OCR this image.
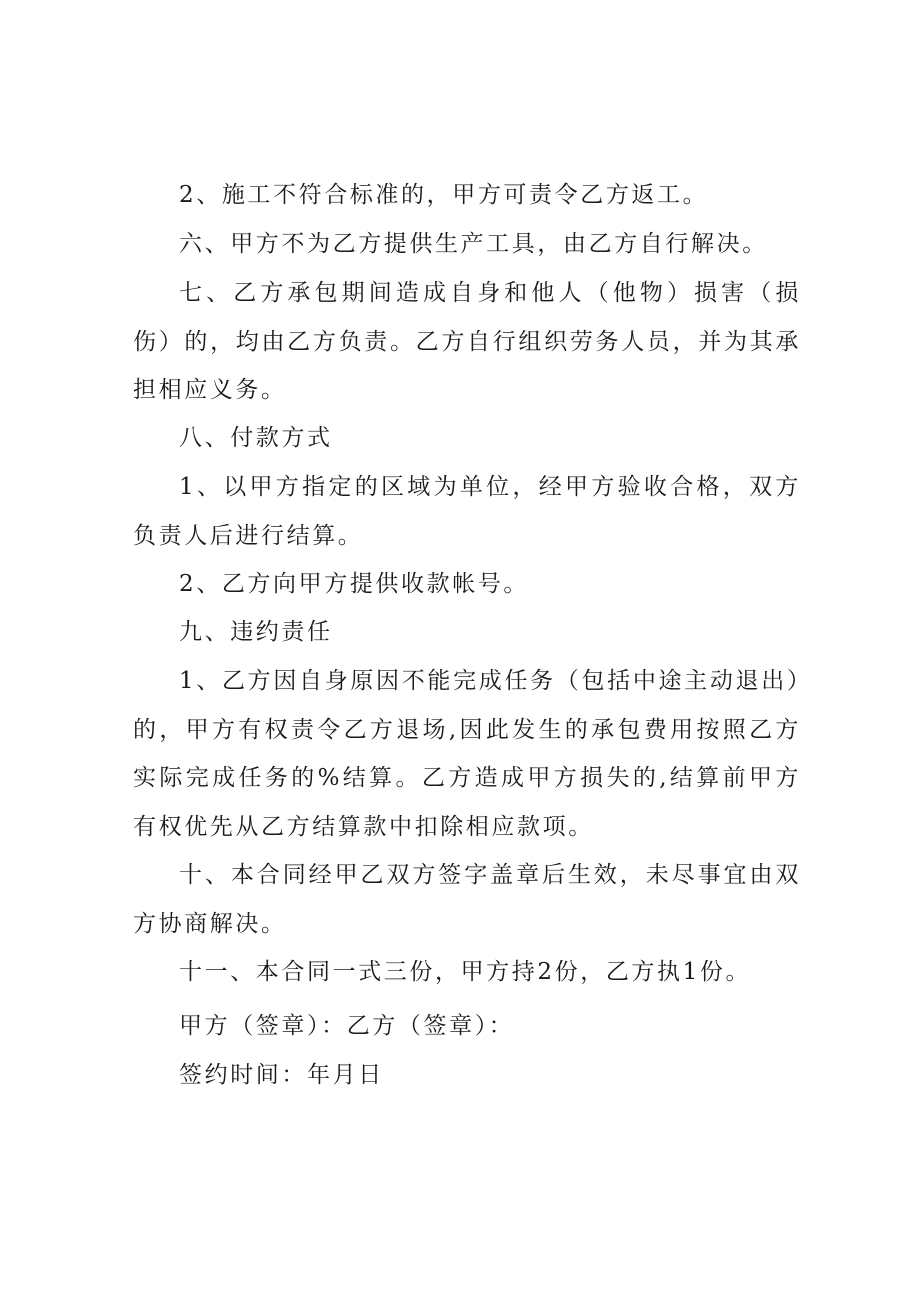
2、施工不符合标准的，甲方可责令乙方返工。

六、甲方不为乙方提供生产工具，由乙方自行解决。

七、乙方承包期间造成自身和他人（他物）损害（损伤）的，均由乙方负责。乙方自行组织劳务人员，并为其承担相应义务。

八、付款方式

1、以甲方指定的区域为单位，经甲方验收合格，双方负责人后进行结算。

2、乙方向甲方提供收款帐号。

九、违约责任

1、乙方因自身原因不能完成任务（包括中途主动退出）的，甲方有权责令乙方退场,因此发生的承包费用按照乙方实际完成任务的%结算。乙方造成甲方损失的,结算前甲方有权优先从乙方结算款中扣除相应款项。

十、本合同经甲乙双方签字盖章后生效，未尽事宜由双方协商解决。

十一、本合同一式三份，甲方持2份，乙方执1份。

甲方（签章）：乙方（签章）：

签约时间：年月日
